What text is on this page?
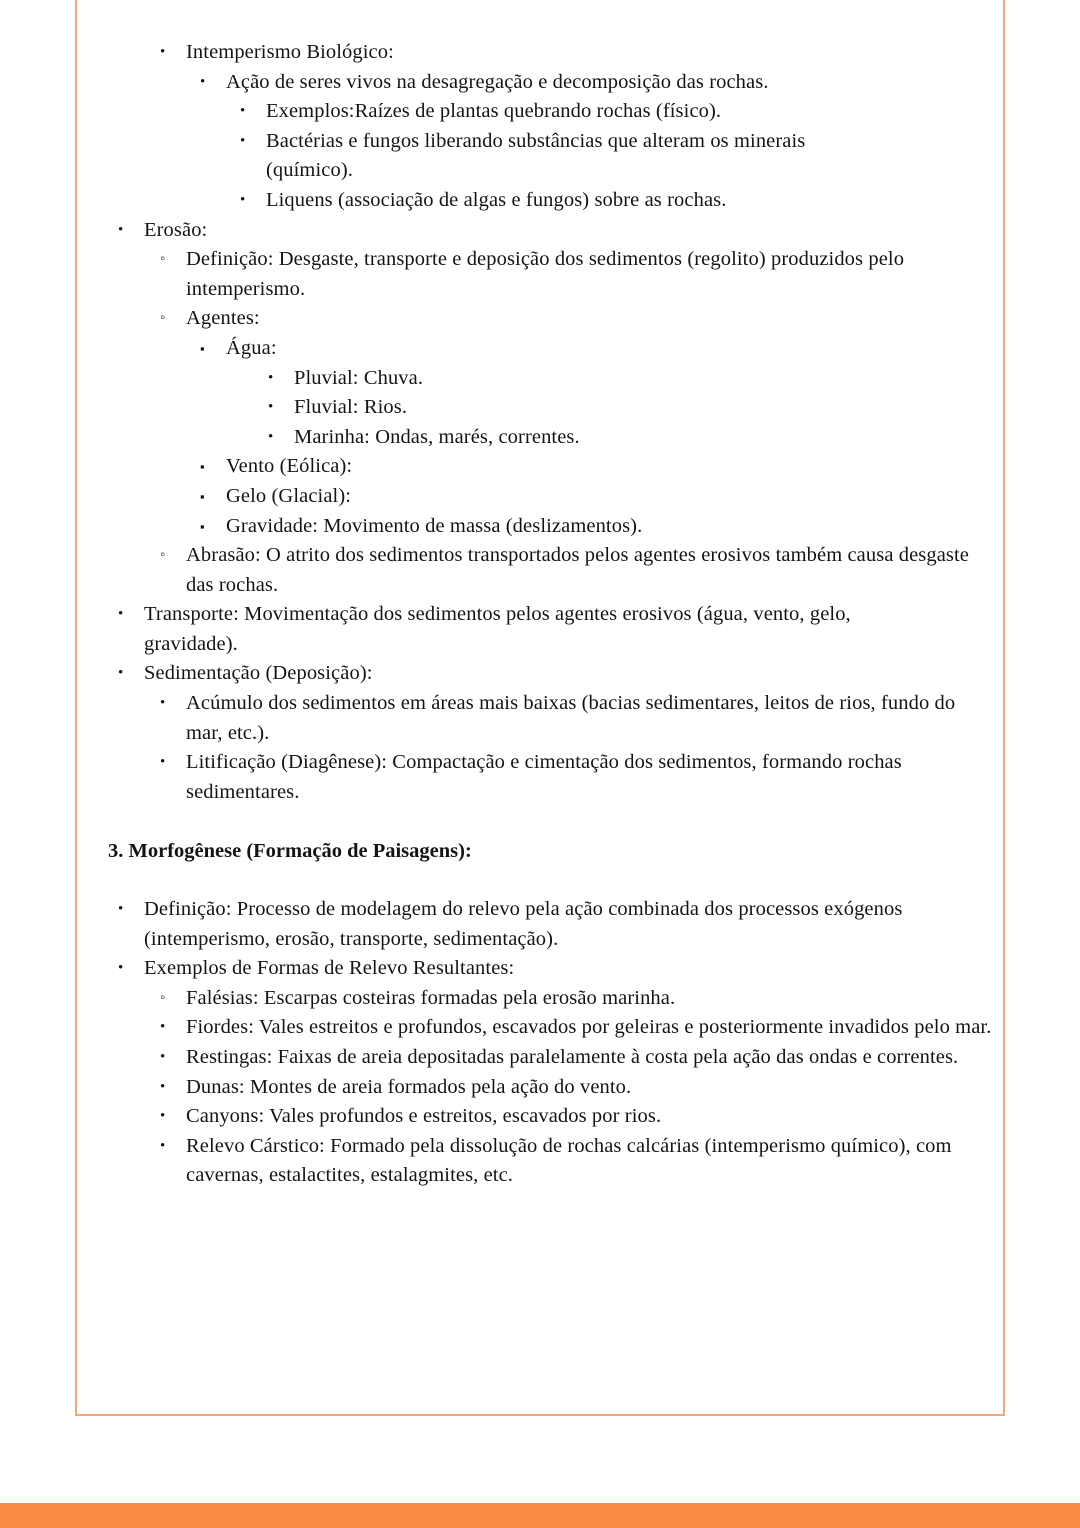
•	Intemperismo Biológico:
•	Ação de seres vivos na desagregação e decomposição das rochas.
•	Exemplos:Raízes de plantas quebrando rochas (físico).
•	Bactérias e fungos liberando substâncias que alteram os minerais (químico).
•	Liquens (associação de algas e fungos) sobre as rochas.
•	Erosão:
◦	Definição: Desgaste, transporte e deposição dos sedimentos (regolito) produzidos pelo intemperismo.
◦	Agentes:
▪	Água:
•	Pluvial: Chuva.
•	Fluvial: Rios.
•	Marinha: Ondas, marés, correntes.
▪	Vento (Eólica):
▪	Gelo (Glacial):
▪	Gravidade: Movimento de massa (deslizamentos).
◦	Abrasão: O atrito dos sedimentos transportados pelos agentes erosivos também causa desgaste das rochas.
•	Transporte: Movimentação dos sedimentos pelos agentes erosivos (água, vento, gelo, gravidade).
•	Sedimentação (Deposição):
•	Acúmulo dos sedimentos em áreas mais baixas (bacias sedimentares, leitos de rios, fundo do mar, etc.).
•	Litificação (Diagênese): Compactação e cimentação dos sedimentos, formando rochas sedimentares.
3. Morfogênese (Formação de Paisagens):
•	Definição: Processo de modelagem do relevo pela ação combinada dos processos exógenos (intemperismo, erosão, transporte, sedimentação).
•	Exemplos de Formas de Relevo Resultantes:
◦	Falésias: Escarpas costeiras formadas pela erosão marinha.
•	Fiordes: Vales estreitos e profundos, escavados por geleiras e posteriormente invadidos pelo mar.
•	Restingas: Faixas de areia depositadas paralelamente à costa pela ação das ondas e correntes.
•	Dunas: Montes de areia formados pela ação do vento.
•	Canyons: Vales profundos e estreitos, escavados por rios.
•	Relevo Cárstico: Formado pela dissolução de rochas calcárias (intemperismo químico), com cavernas, estalactites, estalagmites, etc.
